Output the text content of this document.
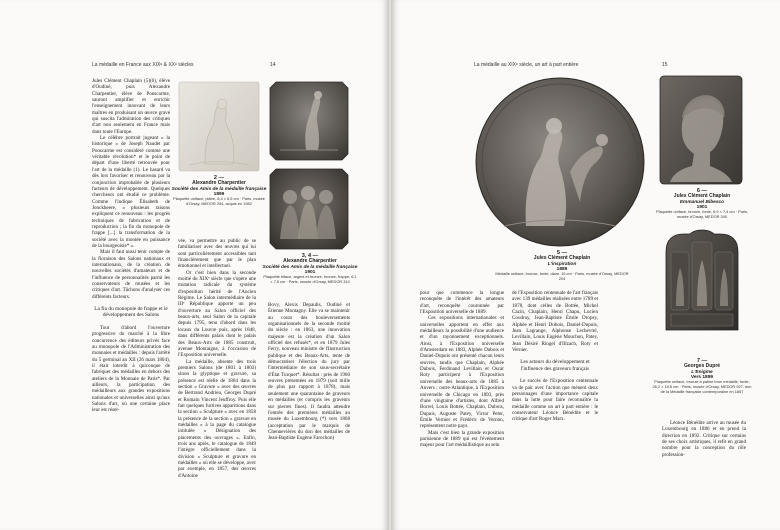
La médaille en France aux XIXᵉ & XXᵉ siècles	14

Jules Clément Chaplain (5)(6), élève d'Oudiné, puis Alexandre Charpentier, élève de Ponscarme, sauront amplifier et enrichir l'enseignement innovant de leurs maîtres en produisant un œuvre gravé qui suscita l'admiration des critiques d'art non seulement en France mais dans toute l'Europe.

Le célèbre portrait jugeant « la historique » de Joseph Naudet par Ponscarme est considéré comme une véritable révolution* et le point de départ d'une liberté retrouvée pour l'art de la médaille (1). Le hasard va dès lors favoriser et renouveau par la conjonction improbable de plusieurs facteurs de développement. Quelques chercheurs ont étudié ce problème. Comme l'indique Élisabeth de Jonckheere, « plusieurs raisons expliquent ce renouveau : les progrès techniques de fabrication et de reproduction ; la fin du monopole de frappe [...] la transformation de la société avec la montée en puissance de la bourgeoisie* ».

Mais il faut aussi tenir compte de la floraison des Salons nationaux et internationaux, de la création de nouvelles sociétés d'amateurs et de l'influence de personnalités parmi les conservateurs de musées et les critiques d'art. Tâchons d'analyser ces différents facteurs.

La fin du monopole de frappe et le développement des Salons

Tout d'abord l'ouverture progressive du marché à la libre concurrence des éditeurs privés face au monopole de l'Administration des monnaies et médailles : depuis l'arrêté du 5 germinal an XII (26 mars 1804), il était interdit à quiconque de fabriquer des médailles en dehors des ateliers de la Monnaie de Paris*. Par ailleurs, la participation des médailleurs aux grandes expositions nationales et universelles ainsi qu'aux Salons d'art, où une certaine place leur est réser-

2 —
Alexandre Charpentier
Société des Amis de la médaille française
1899
Plaquette uniface, plâtre, 6,4 × 5,5 cm · Paris, musée d'Orsay, MEDOR 254, acquis en 1982
3, 4 —
Alexandre Charpentier
Société des Amis de la médaille française
1901
Plaquette biface, argent et bronze, bronze, frappe, 6,1 × 7,5 cm · Paris, musée d'Orsay, MEDOR 310

vée, va permettre au public de se familiariser avec des œuvres qui lui sont particulièrement accessibles tant financièrement que par le plan émotionnel et intellectuel.

Or c'est bien dans la seconde moitié du XIXᵉ siècle que s'opère une mutation radicale du système d'exposition hérité de l'Ancien Régime. Le Salon intermédiaire de la IIIᵉ République apporte un peu d'ouverture au Salon officiel des beaux-arts, seul Salon de la capitale depuis 1795, tenu d'abord dans les locaux du Louvre puis, après 1848, dans différents palais dont le palais des Beaux-Arts de 1885 construit, avenue Montaigne, à l'occasion de l'Exposition universelle.

La médaille, absente des trois premiers Salons (de 1801 à 1803) sinon la glyptique et gravure, sa présence est réelle de 1804 dans la section « Gravure » avec des œuvres de Bertrand Andrieu, Georges Dupré et Romain Vincent Jeuffroy. Puis elle fait quelques furtives apparitions dans la section « Sculpture » avec en 1858 la présence de la section « gravure en médailles » à la page du catalogue intitulée « Désignation des placements des ouvrages ». Enfin, trois ans après, le catalogue de 1849 l'intègre officiellement dans la division « Sculpture et gravure en médailles » où elle se développe, avec par exemple, en 1857, des œuvres d'Antoine

Bovy, Alexis Depaulis, Oudiné et Étienne Montagny. Elle va se maintenir au cours des bouleversements organisationnels de la seconde moitié du siècle : en 1863, une innovation majeure est la création d'un Salon officiel des refusés*, et en 1879 Jules Ferry, nouveau ministre de l'Instruction publique et des Beaux-Arts, tente de démocratiser l'élection du jury par l'intermédiaire de son sous-secrétaire d'État Turquet*. Résultat : près de 1900 œuvres présentées en 1879 (soit mille de plus par rapport à 1878), mais seulement une quarantaine de graveurs en médailles (et compris les graveurs sur pierres fines). Il faudra attendre l'entrée des premières médailles au musée du Luxembourg (*) vers 1868 (acceptation par le marquis de Chennevières du don des médailles de Jean-Baptiste Eugène Farochon)

La médaille au XIXᵉ siècle, un art à part entière	15
5 —
Jules Clément Chaplain
L'inspiration
1889
Médaille uniface, bronze, fonte, diam. 19 cm · Paris, musée d'Orsay, MEDOR 204
6 —
Jules Clément Chaplain
Emmanuel Bibesco
1901
Plaquette uniface, bronze, fonte, 6,9 × 7,4 cm · Paris, musée d'Orsay, MEDOR 340
7 —
Georges Dupré
L'Enigme
Vers 1899
Plaquette uniface, bronze à patine brun médaille, fonte, 26,2 × 19,5 cm · Paris, musée d'Orsay, MEDOR 927, don de la Médaille française contemporaine en 1857

pour que commence la longue reconquête de l'intérêt des amateurs d'art, reconquête couronnée par l'Exposition universelle de 1889.

Ces expositions internationales et universelles apportent en effet aux médailleurs la possibilité d'une audience et d'un rayonnement exceptionnels. Ainsi, à l'Exposition universelle d'Amsterdam en 1883, Alphée Dubois et Daniel-Dupuis ont présenté chacun leurs œuvres, tandis que Chaplain, Alphée Dubois, Ferdinand Levillain et Oscar Roty participent à l'Exposition universelle des beaux-arts de 1885 à Anvers ; outre-Atlantique, à l'Exposition universelle de Chicago en 1893, près d'une vingtaine d'artistes, dont Alfred Borrel, Louis Bottée, Chaplain, Dubois, Dupuis, Auguste Patey, Victor Peter, Émile Vernier et Frédéric de Vernon, représentent notre pays.

Mais c'est bien la grande exposition parisienne de 1889 qui est l'événement majeur pour l'art médaillistique au sein

de l'Exposition centennale de l'art français avec 139 médailles réalisées entre 1789 et 1878, dont celles de Bottée, Michel Cazin, Chaplain, Henri Chapu, Lucien Coudray, Jean-Baptiste Émile Dropsy, Alphée et Henri Dubois, Daniel-Dupuis, Jean Lagrange, Alphonse Lechevrel, Levillain, Louis Eugène Mouchon, Patey, Jean Désiré Ringel d'Illzach, Roty et Vernier.

Les acteurs du développement et l'influence des graveurs français

Le succès de l'Exposition centennale va de pair avec l'action que mènent deux personnages d'une importance capitale dans la lutte pour faire reconnaître la médaille comme un art à part entière : le conservateur Léonce Bénédite et le critique d'art Roger Marx.

Léonce Bénédite arrive au musée du Luxembourg en 1886 et en prend la direction en 1892. Critique sur certains de ses choix artistiques, il refit en grand nombre pour la conception du rôle profession-
